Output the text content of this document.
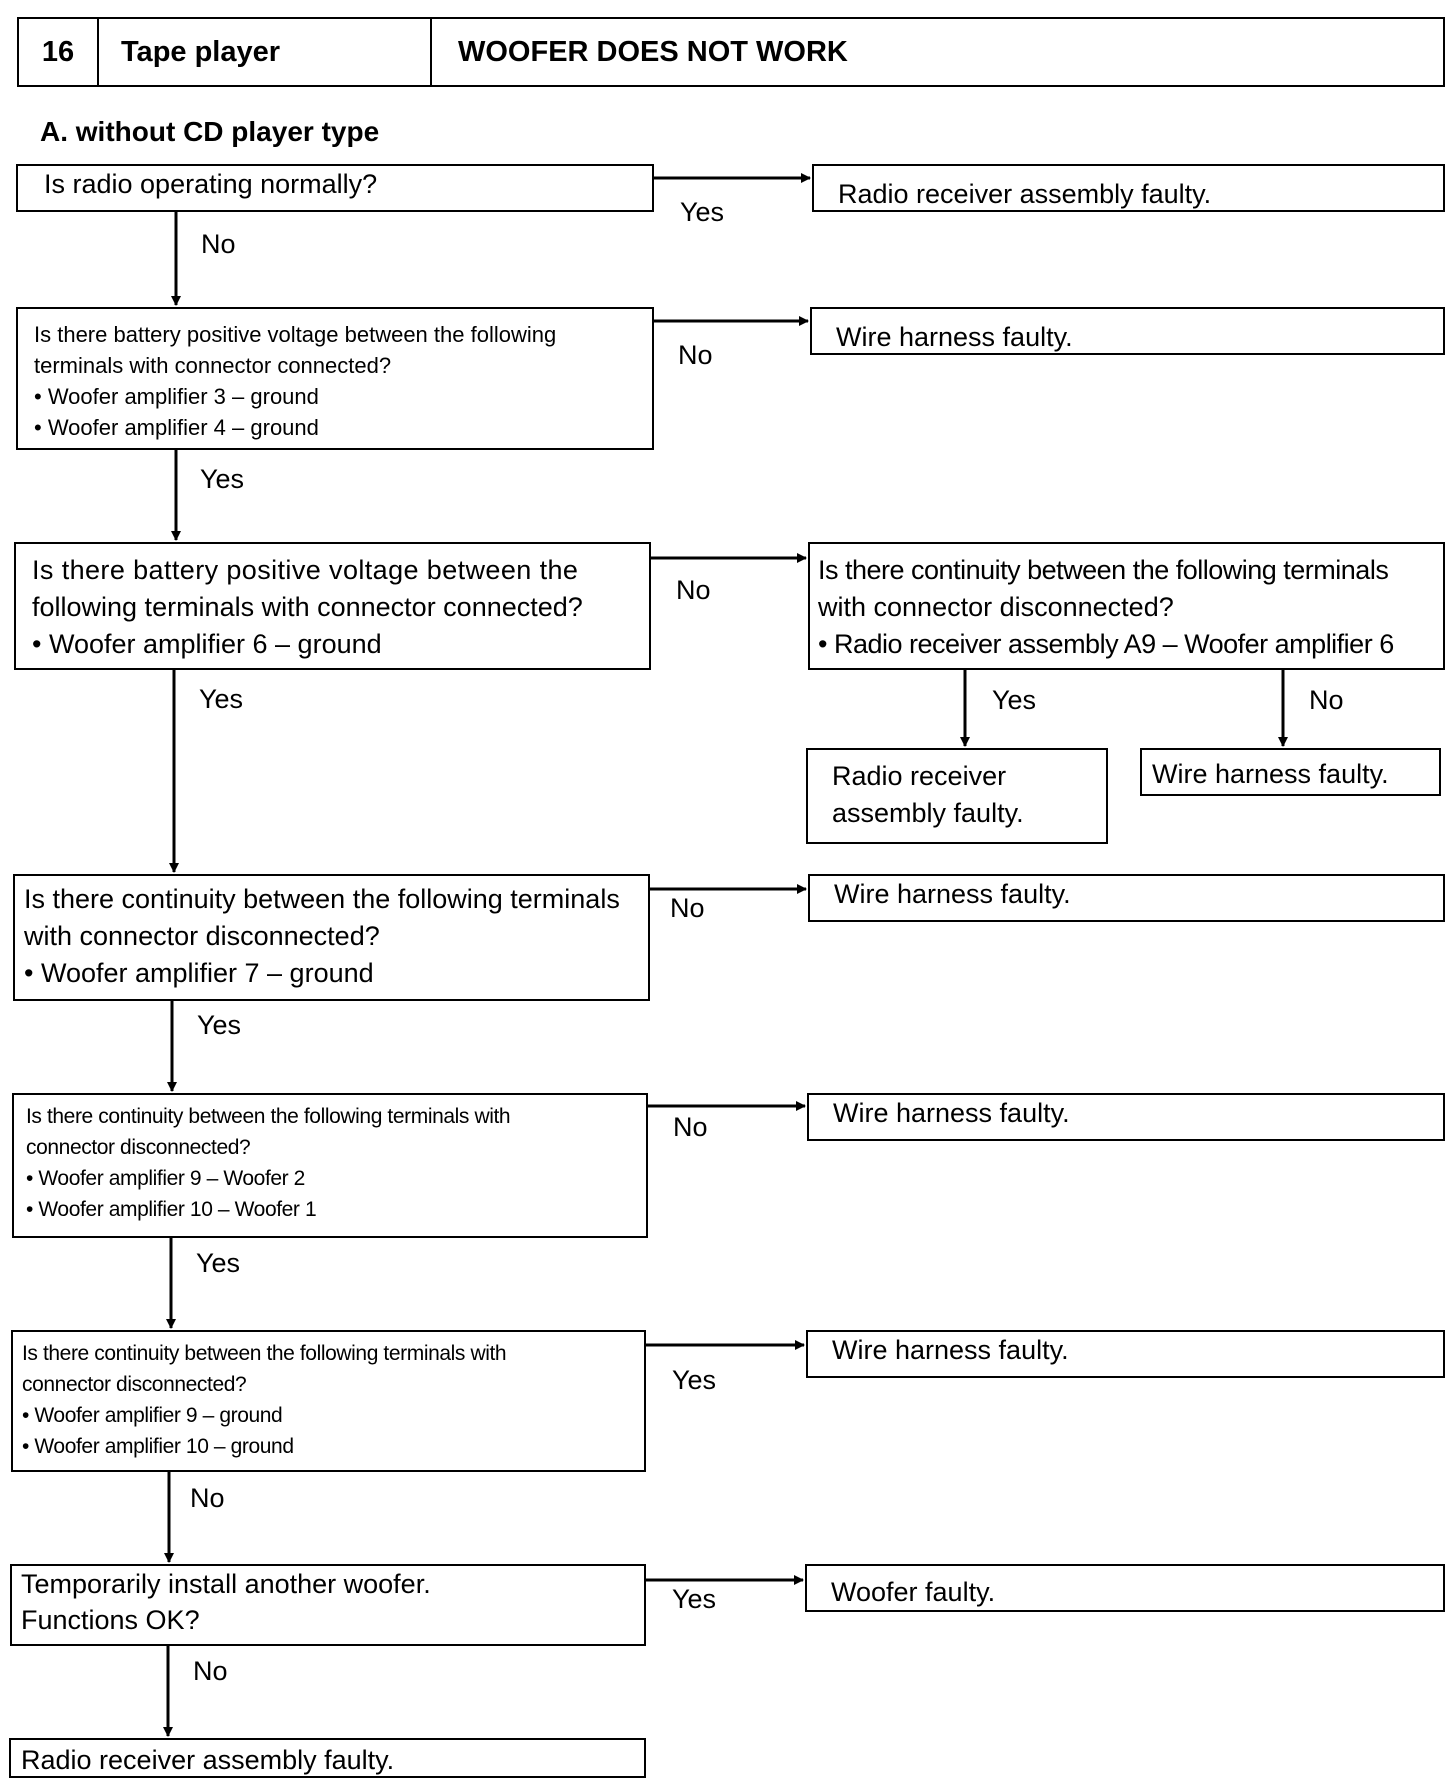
16	Tape player	WOOFER DOES NOT WORK
A. without CD player type
Is radio operating normally?	Radio receiver assembly faulty.
Yes
No
Is there battery positive voltage between the following
terminals with connector connected?
• Woofer amplifier 3 – ground
• Woofer amplifier 4 – ground
Wire harness faulty.
No
Yes
Is there battery positive voltage between the
following terminals with connector connected?
• Woofer amplifier 6 – ground
Is there continuity between the following terminals
with connector disconnected?
• Radio receiver assembly A9 – Woofer amplifier 6
No
Yes	Yes	No
Radio receiver
assembly faulty.
Wire harness faulty.
Is there continuity between the following terminals
with connector disconnected?
• Woofer amplifier 7 – ground
Wire harness faulty.
No
Yes
Is there continuity between the following terminals with
connector disconnected?
• Woofer amplifier 9 – Woofer 2
• Woofer amplifier 10 – Woofer 1
Wire harness faulty.
No
Yes
Is there continuity between the following terminals with
connector disconnected?
• Woofer amplifier 9 – ground
• Woofer amplifier 10 – ground
Wire harness faulty.
Yes
No
Temporarily install another woofer.
Functions OK?
Woofer faulty.
Yes
No
Radio receiver assembly faulty.
